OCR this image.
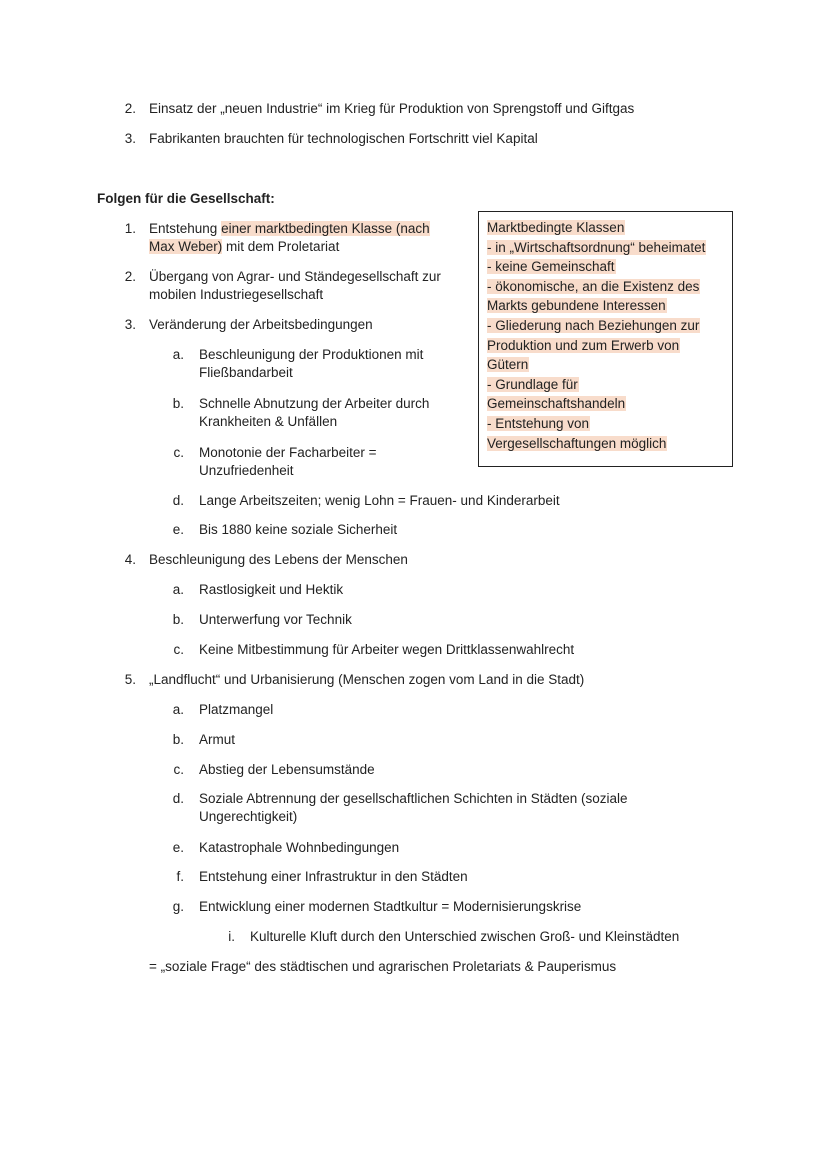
2. Einsatz der „neuen Industrie“ im Krieg für Produktion von Sprengstoff und Giftgas
3. Fabrikanten brauchten für technologischen Fortschritt viel Kapital
Folgen für die Gesellschaft:
1. Entstehung einer marktbedingten Klasse (nach
Max Weber) mit dem Proletariat
2. Übergang von Agrar- und Ständegesellschaft zur
mobilen Industriegesellschaft
3. Veränderung der Arbeitsbedingungen
a. Beschleunigung der Produktionen mit
Fließbandarbeit
b. Schnelle Abnutzung der Arbeiter durch
Krankheiten & Unfällen
c. Monotonie der Facharbeiter =
Unzufriedenheit
d. Lange Arbeitszeiten; wenig Lohn = Frauen- und Kinderarbeit
e. Bis 1880 keine soziale Sicherheit
4. Beschleunigung des Lebens der Menschen
a. Rastlosigkeit und Hektik
b. Unterwerfung vor Technik
c. Keine Mitbestimmung für Arbeiter wegen Drittklassenwahlrecht
5. „Landflucht“ und Urbanisierung (Menschen zogen vom Land in die Stadt)
a. Platzmangel
b. Armut
c. Abstieg der Lebensumstände
d. Soziale Abtrennung der gesellschaftlichen Schichten in Städten (soziale
Ungerechtigkeit)
e. Katastrophale Wohnbedingungen
f. Entstehung einer Infrastruktur in den Städten
g. Entwicklung einer modernen Stadtkultur = Modernisierungskrise
i. Kulturelle Kluft durch den Unterschied zwischen Groß- und Kleinstädten
= „soziale Frage“ des städtischen und agrarischen Proletariats & Pauperismus
Marktbedingte Klassen
- in „Wirtschaftsordnung“ beheimatet
- keine Gemeinschaft
- ökonomische, an die Existenz des
Markts gebundene Interessen
- Gliederung nach Beziehungen zur
Produktion und zum Erwerb von
Gütern
- Grundlage für
Gemeinschaftshandeln
- Entstehung von
Vergesellschaftungen möglich
